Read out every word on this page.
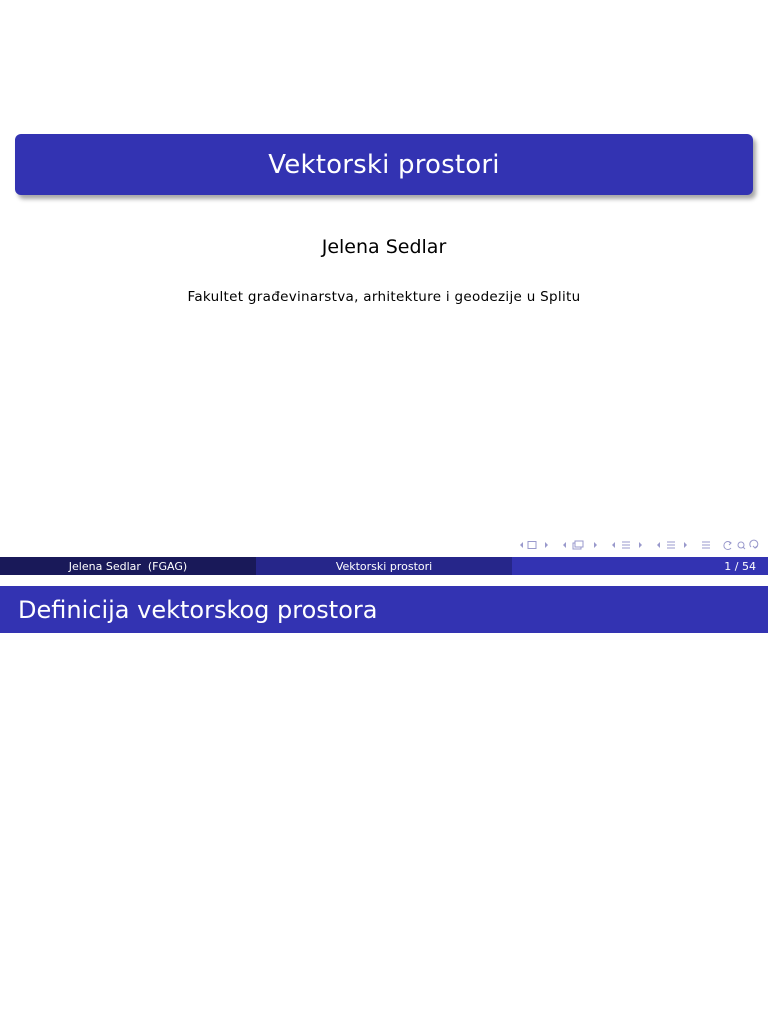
Vektorski prostori
Jelena Sedlar
Fakultet građevinarstva, arhitekture i geodezije u Splitu
Jelena Sedlar  (FGAG)	Vektorski prostori	1 / 54
Definicija vektorskog prostora
